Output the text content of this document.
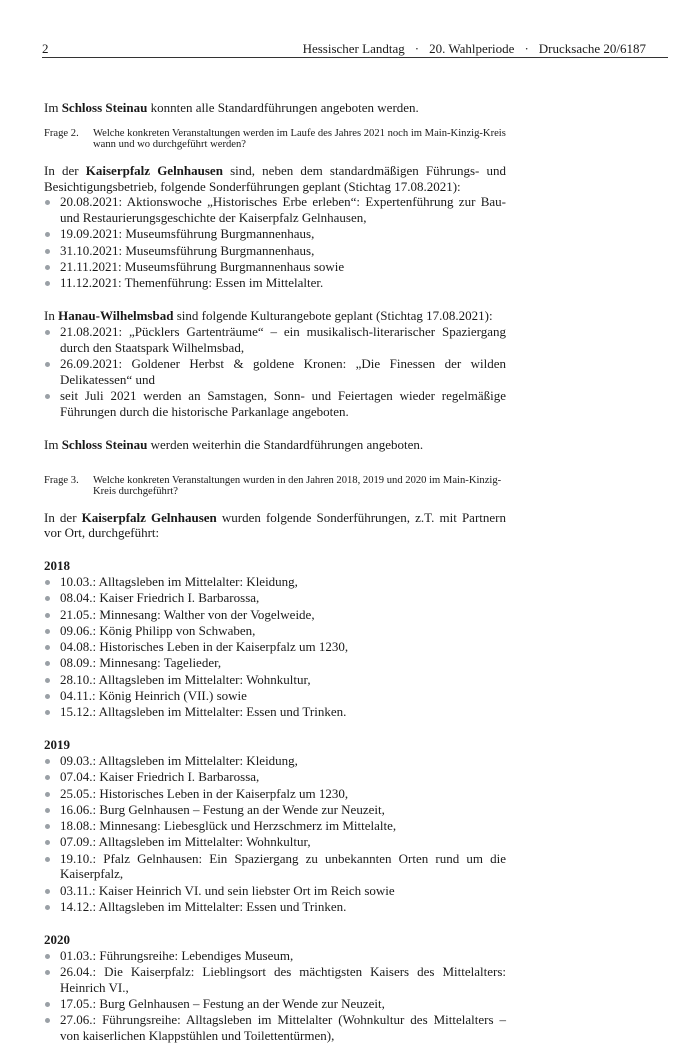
2	Hessischer Landtag · 20. Wahlperiode · Drucksache 20/6187

Im Schloss Steinau konnten alle Standardführungen angeboten werden.

Frage 2.	Welche konkreten Veranstaltungen werden im Laufe des Jahres 2021 noch im Main-Kinzig-Kreis wann und wo durchgeführt werden?

In der Kaiserpfalz Gelnhausen sind, neben dem standardmäßigen Führungs- und Besichtigungsbetrieb, folgende Sonderführungen geplant (Stichtag 17.08.2021):

20.08.2021: Aktionswoche „Historisches Erbe erleben“: Expertenführung zur Bau- und Restaurierungsgeschichte der Kaiserpfalz Gelnhausen,
19.09.2021: Museumsführung Burgmannenhaus,
31.10.2021: Museumsführung Burgmannenhaus,
21.11.2021: Museumsführung Burgmannenhaus sowie
11.12.2021: Themenführung: Essen im Mittelalter.

In Hanau-Wilhelmsbad sind folgende Kulturangebote geplant (Stichtag 17.08.2021):

21.08.2021: „Pücklers Gartenträume“ – ein musikalisch-literarischer Spaziergang durch den Staatspark Wilhelmsbad,
26.09.2021: Goldener Herbst & goldene Kronen: „Die Finessen der wilden Delikatessen“ und
seit Juli 2021 werden an Samstagen, Sonn- und Feiertagen wieder regelmäßige Führungen durch die historische Parkanlage angeboten.

Im Schloss Steinau werden weiterhin die Standardführungen angeboten.

Frage 3.	Welche konkreten Veranstaltungen wurden in den Jahren 2018, 2019 und 2020 im Main-Kinzig-Kreis durchgeführt?

In der Kaiserpfalz Gelnhausen wurden folgende Sonderführungen, z.T. mit Partnern vor Ort, durchgeführt:

2018

10.03.: Alltagsleben im Mittelalter: Kleidung,
08.04.: Kaiser Friedrich I. Barbarossa,
21.05.: Minnesang: Walther von der Vogelweide,
09.06.: König Philipp von Schwaben,
04.08.: Historisches Leben in der Kaiserpfalz um 1230,
08.09.: Minnesang: Tagelieder,
28.10.: Alltagsleben im Mittelalter: Wohnkultur,
04.11.: König Heinrich (VII.) sowie
15.12.: Alltagsleben im Mittelalter: Essen und Trinken.

2019

09.03.: Alltagsleben im Mittelalter: Kleidung,
07.04.: Kaiser Friedrich I. Barbarossa,
25.05.: Historisches Leben in der Kaiserpfalz um 1230,
16.06.: Burg Gelnhausen – Festung an der Wende zur Neuzeit,
18.08.: Minnesang: Liebesglück und Herzschmerz im Mittelalte,
07.09.: Alltagsleben im Mittelalter: Wohnkultur,
19.10.: Pfalz Gelnhausen: Ein Spaziergang zu unbekannten Orten rund um die Kaiserpfalz,
03.11.: Kaiser Heinrich VI. und sein liebster Ort im Reich sowie
14.12.: Alltagsleben im Mittelalter: Essen und Trinken.

2020

01.03.: Führungsreihe: Lebendiges Museum,
26.04.: Die Kaiserpfalz: Lieblingsort des mächtigsten Kaisers des Mittelalters: Heinrich VI.,
17.05.: Burg Gelnhausen – Festung an der Wende zur Neuzeit,
27.06.: Führungsreihe: Alltagsleben im Mittelalter (Wohnkultur des Mittelalters – von kaiserlichen Klappstühlen und Toilettentürmen),
